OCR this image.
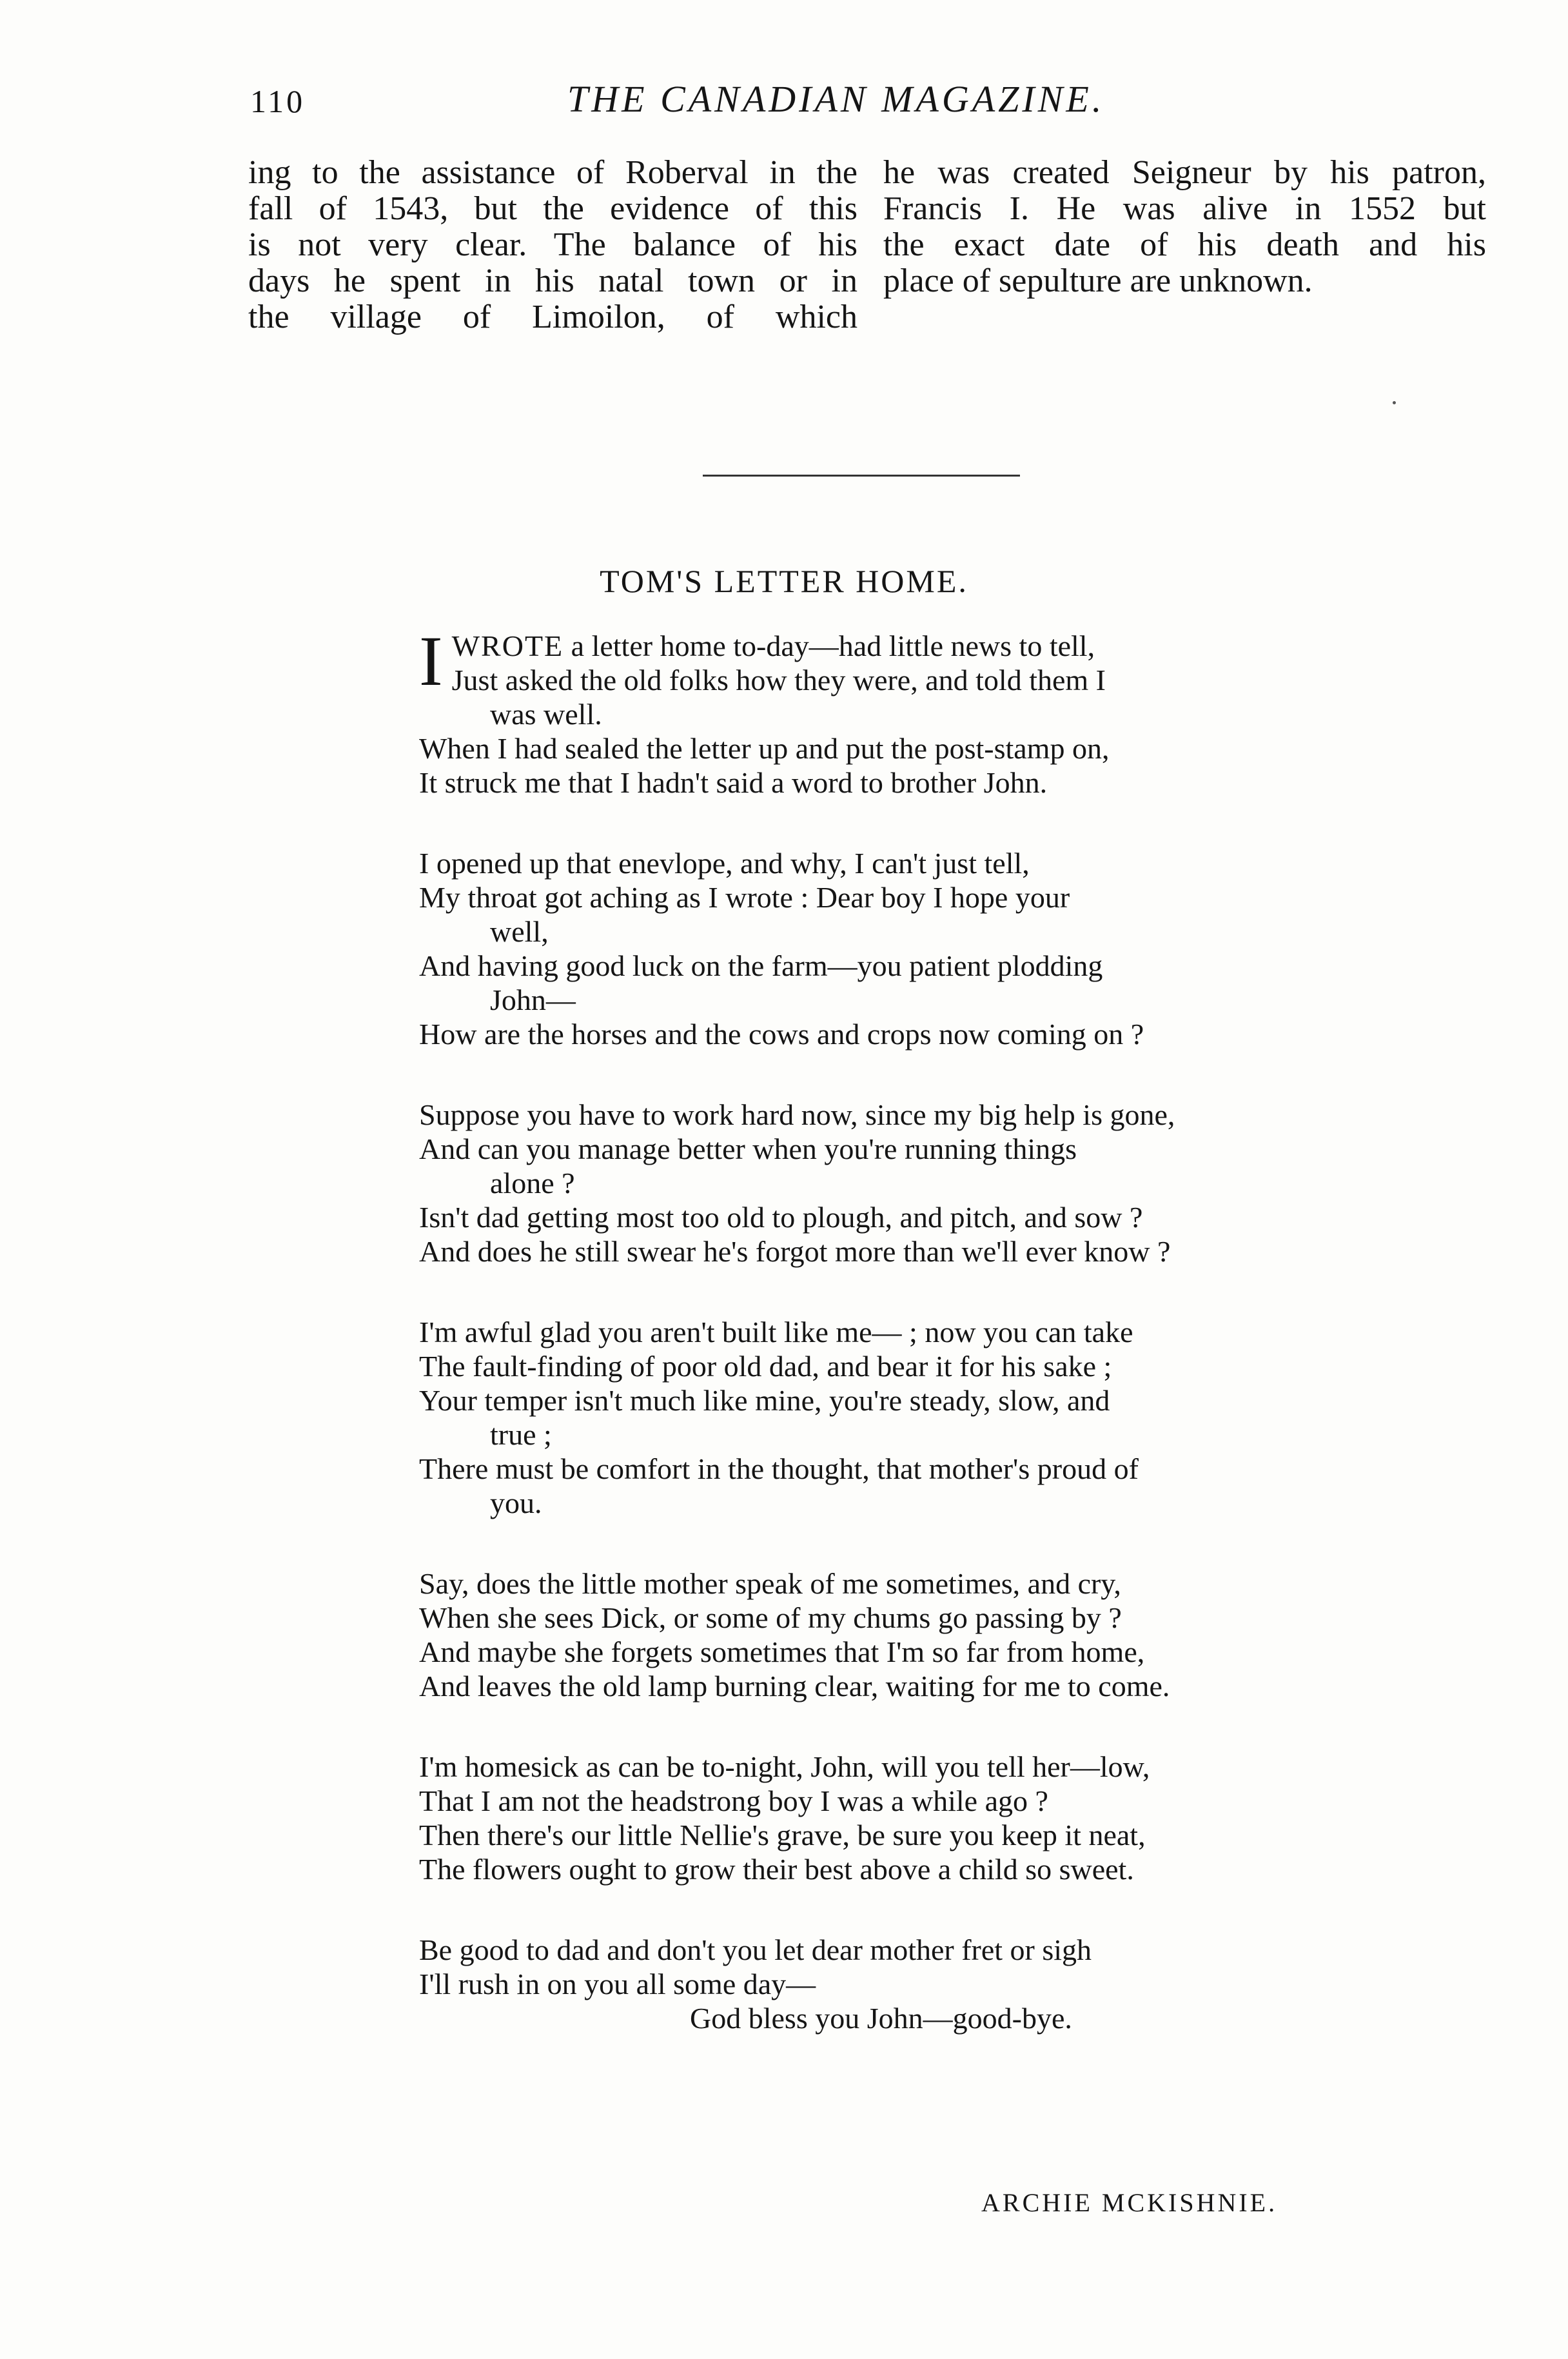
110	THE CANADIAN MAGAZINE.
ing to the assistance of Roberval in the
fall of 1543, but the evidence of this
is not very clear. The balance of his
days he spent in his natal town or in
the village of Limoilon, of which
he was created Seigneur by his patron,
Francis I. He was alive in 1552 but
the exact date of his death and his
place of sepulture are unknown.
TOM'S LETTER HOME.
I WROTE a letter home to-day—had little news to tell,
Just asked the old folks how they were, and told them I
was well.
When I had sealed the letter up and put the post-stamp on,
It struck me that I hadn't said a word to brother John.
I opened up that enevlope, and why, I can't just tell,
My throat got aching as I wrote : Dear boy I hope your
well,
And having good luck on the farm—you patient plodding
John—
How are the horses and the cows and crops now coming on ?
Suppose you have to work hard now, since my big help is gone,
And can you manage better when you're running things
alone ?
Isn't dad getting most too old to plough, and pitch, and sow ?
And does he still swear he's forgot more than we'll ever know ?
I'm awful glad you aren't built like me— ; now you can take
The fault-finding of poor old dad, and bear it for his sake ;
Your temper isn't much like mine, you're steady, slow, and
true ;
There must be comfort in the thought, that mother's proud of
you.
Say, does the little mother speak of me sometimes, and cry,
When she sees Dick, or some of my chums go passing by ?
And maybe she forgets sometimes that I'm so far from home,
And leaves the old lamp burning clear, waiting for me to come.
I'm homesick as can be to-night, John, will you tell her—low,
That I am not the headstrong boy I was a while ago ?
Then there's our little Nellie's grave, be sure you keep it neat,
The flowers ought to grow their best above a child so sweet.
Be good to dad and don't you let dear mother fret or sigh
I'll rush in on you all some day—
God bless you John—good-bye.
ARCHIE MCKISHNIE.
